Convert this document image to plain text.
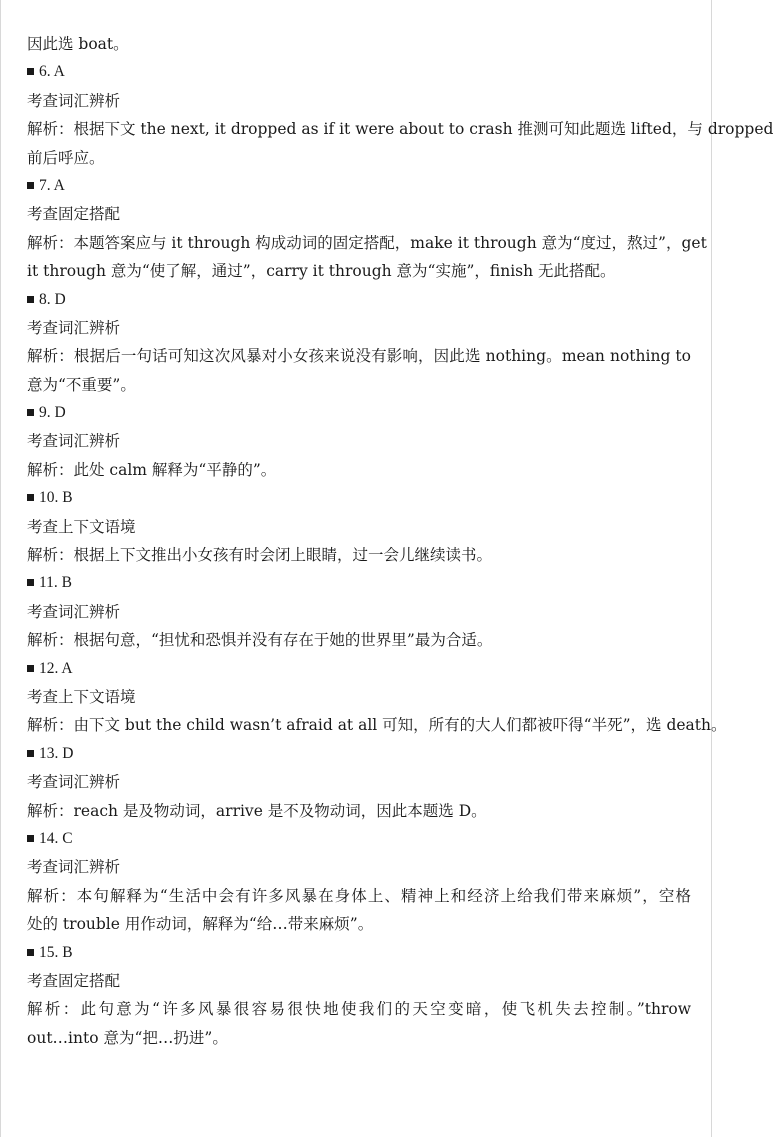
因此选 boat。
6. A
考查词汇辨析
解析：根据下文 the next, it dropped as if it were about to crash 推测可知此题选 lifted，与 dropped
前后呼应。
7. A
考查固定搭配
解析：本题答案应与 it through 构成动词的固定搭配，make it through 意为“度过，熬过”，get
it through 意为“使了解，通过”，carry it through 意为“实施”，finish 无此搭配。
8. D
考查词汇辨析
解析：根据后一句话可知这次风暴对小女孩来说没有影响，因此选 nothing。mean nothing to
意为“不重要”。
9. D
考查词汇辨析
解析：此处 calm 解释为“平静的”。
10. B
考查上下文语境
解析：根据上下文推出小女孩有时会闭上眼睛，过一会儿继续读书。
11. B
考查词汇辨析
解析：根据句意，“担忧和恐惧并没有存在于她的世界里”最为合适。
12. A
考查上下文语境
解析：由下文 but the child wasn’t afraid at all 可知，所有的大人们都被吓得“半死”，选 death。
13. D
考查词汇辨析
解析：reach 是及物动词，arrive 是不及物动词，因此本题选 D。
14. C
考查词汇辨析
解析：本句解释为“生活中会有许多风暴在身体上、精神上和经济上给我们带来麻烦”，空格
处的 trouble 用作动词，解释为“给…带来麻烦”。
15. B
考查固定搭配
解析：此句意为“许多风暴很容易很快地使我们的天空变暗，使飞机失去控制。”throw
out…into 意为“把…扔进”。
